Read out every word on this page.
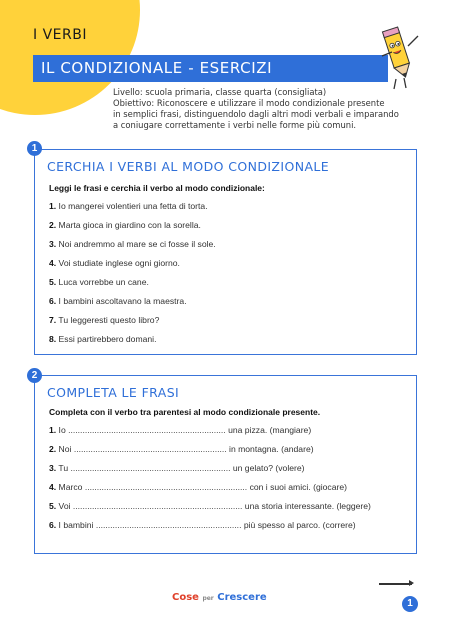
I VERBI
IL CONDIZIONALE - ESERCIZI
Livello: scuola primaria, classe quarta (consigliata)
Obiettivo: Riconoscere e utilizzare il modo condizionale presente
in semplici frasi, distinguendolo dagli altri modi verbali e imparando
a coniugare correttamente i verbi nelle forme più comuni.
CERCHIA I VERBI AL MODO CONDIZIONALE
Leggi le frasi e cerchia il verbo al modo condizionale:
1. Io mangerei volentieri una fetta di torta.
2. Marta gioca in giardino con la sorella.
3. Noi andremmo al mare se ci fosse il sole.
4. Voi studiate inglese ogni giorno.
5. Luca vorrebbe un cane.
6. I bambini ascoltavano la maestra.
7. Tu leggeresti questo libro?
8. Essi partirebbero domani.
1
COMPLETA LE FRASI
Completa con il verbo tra parentesi al modo condizionale presente.
1. Io .................................................................. una pizza. (mangiare)
2. Noi ................................................................ in montagna. (andare)
3. Tu ................................................................... un gelato? (volere)
4. Marco .................................................................... con i suoi amici. (giocare)
5. Voi ....................................................................... una storia interessante. (leggere)
6. I bambini ............................................................. più spesso al parco. (correre)
2
Cose per Crescere
1
